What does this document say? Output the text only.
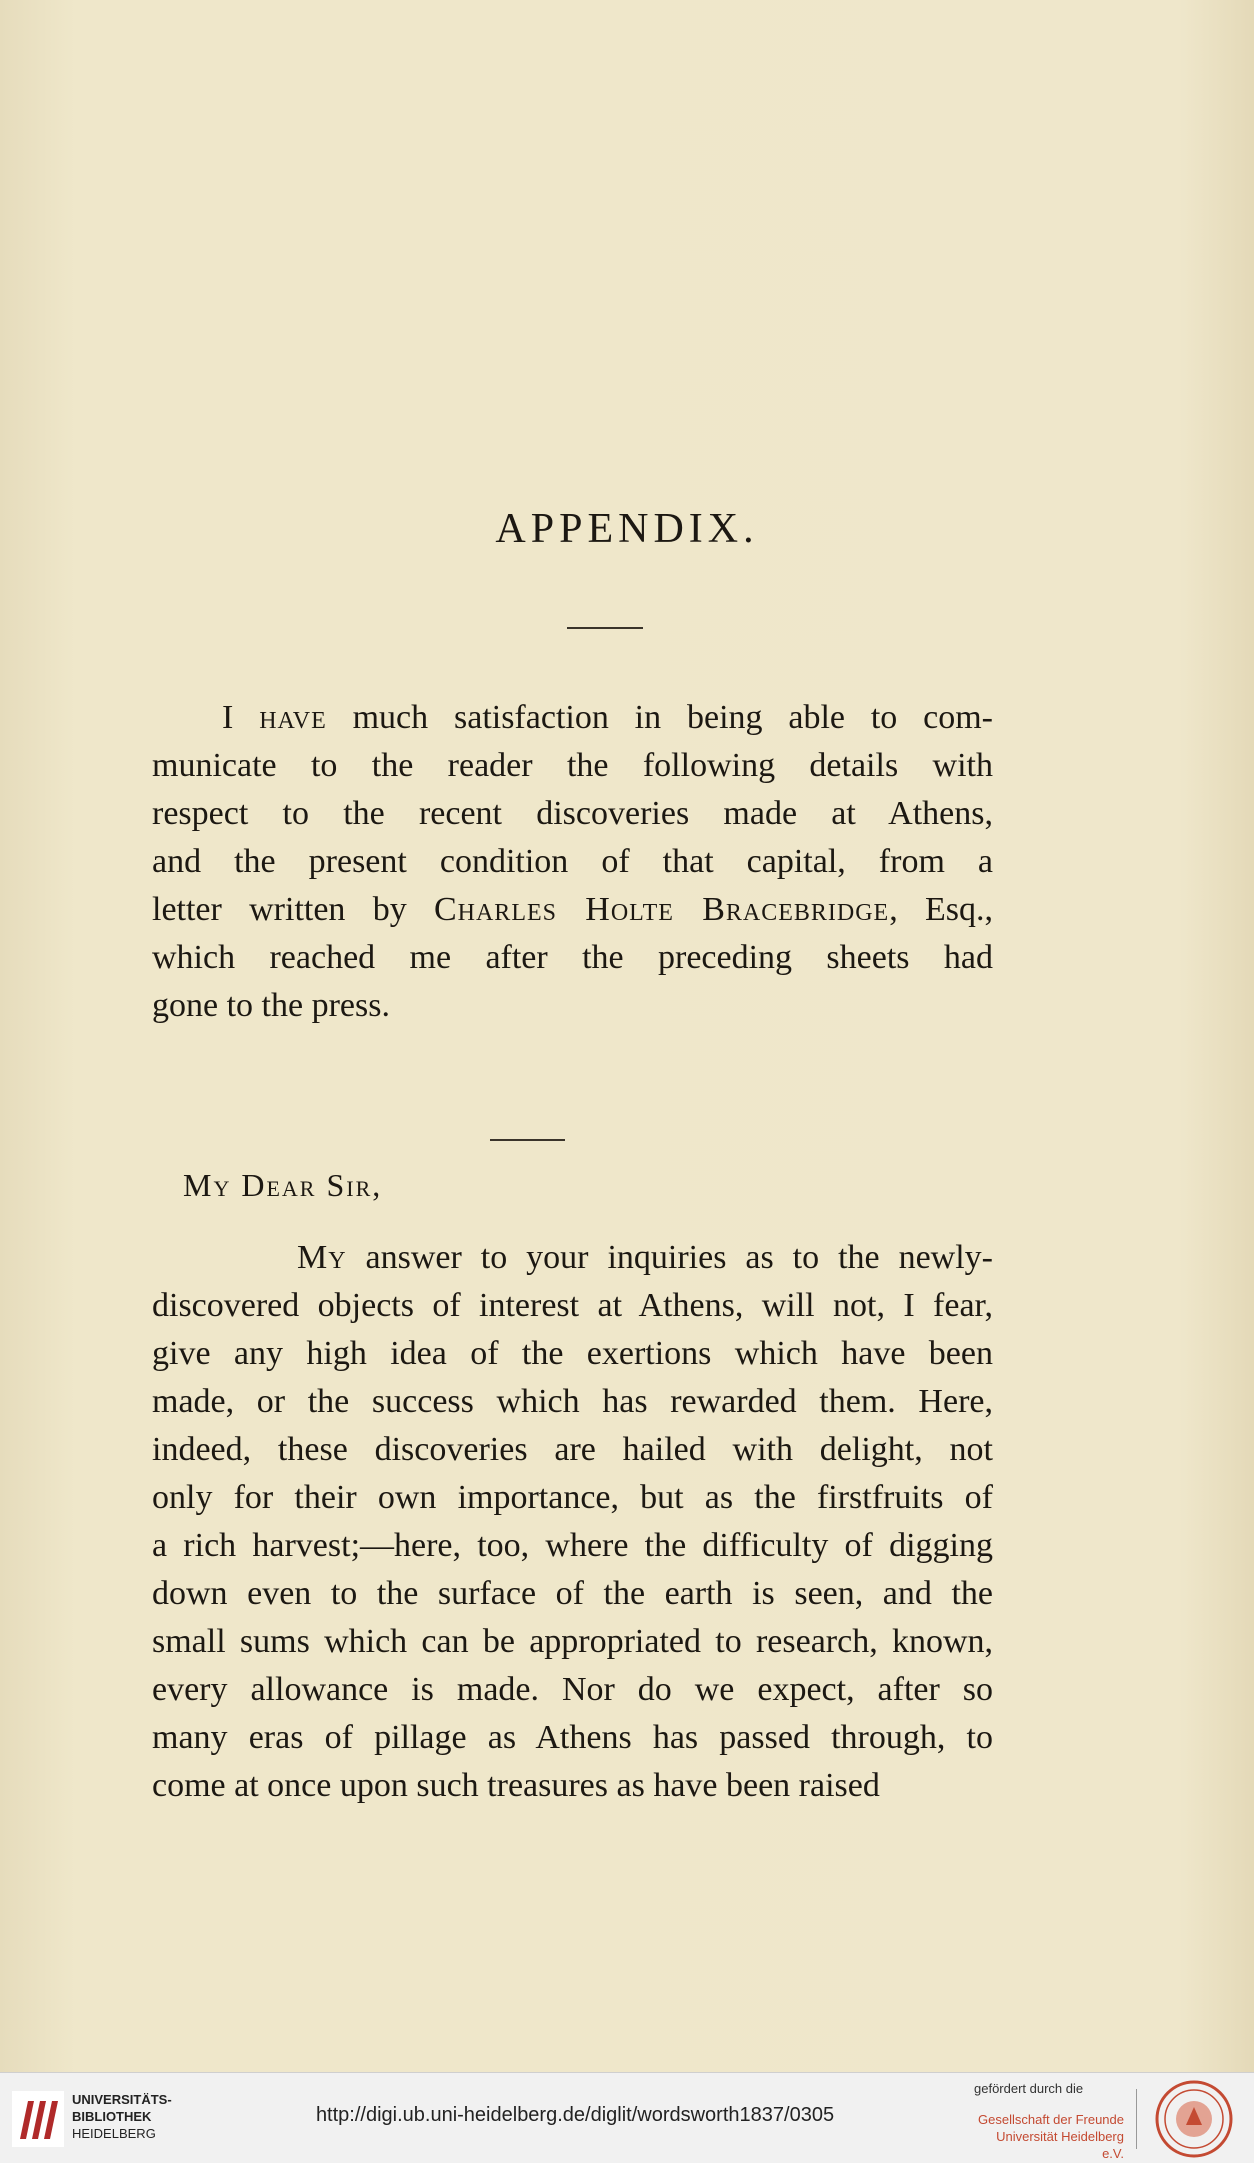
APPENDIX.
I have much satisfaction in being able to com-
municate to the reader the following details with
respect to the recent discoveries made at Athens,
and the present condition of that capital, from a
letter written by Charles Holte Bracebridge, Esq.,
which reached me after the preceding sheets had
gone to the press.
My Dear Sir,
My answer to your inquiries as to the newly-
discovered objects of interest at Athens, will not, I fear,
give any high idea of the exertions which have been
made, or the success which has rewarded them. Here,
indeed, these discoveries are hailed with delight, not
only for their own importance, but as the firstfruits of
a rich harvest;—here, too, where the difficulty of digging
down even to the surface of the earth is seen, and the
small sums which can be appropriated to research, known,
every allowance is made. Nor do we expect, after so
many eras of pillage as Athens has passed through, to
come at once upon such treasures as have been raised
UNIVERSITÄTS-
BIBLIOTHEK
HEIDELBERG
http://digi.ub.uni-heidelberg.de/diglit/wordsworth1837/0305
gefördert durch die
Gesellschaft der Freunde
Universität Heidelberg e.V.
